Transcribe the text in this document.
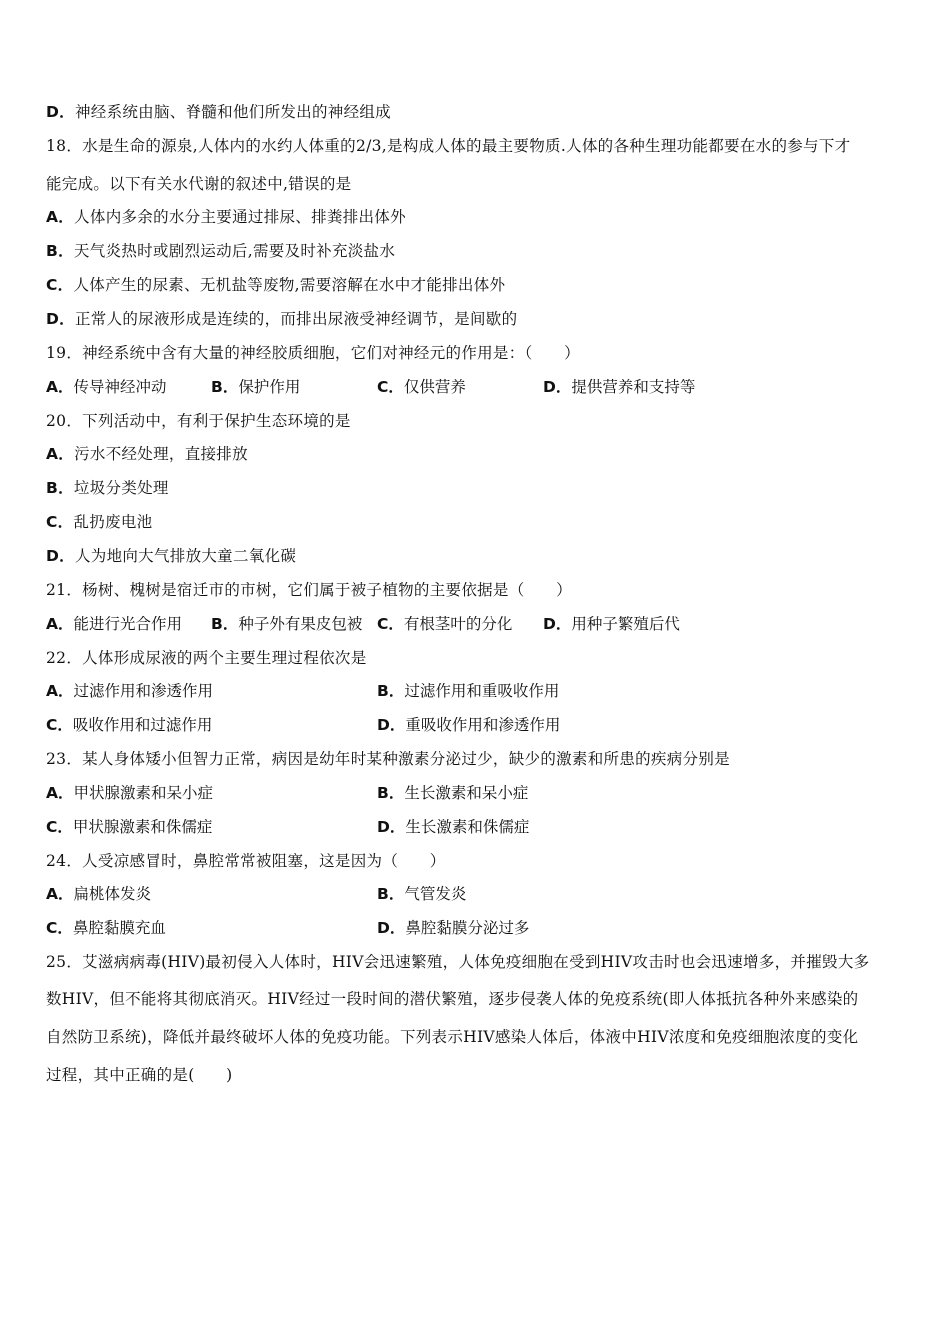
D．神经系统由脑、脊髓和他们所发出的神经组成
18．水是生命的源泉,人体内的水约人体重的2/3,是构成人体的最主要物质.人体的各种生理功能都要在水的参与下才
能完成。以下有关水代谢的叙述中,错误的是
A．人体内多余的水分主要通过排尿、排粪排出体外
B．天气炎热时或剧烈运动后,需要及时补充淡盐水
C．人体产生的尿素、无机盐等废物,需要溶解在水中才能排出体外
D．正常人的尿液形成是连续的，而排出尿液受神经调节，是间歇的
19．神经系统中含有大量的神经胶质细胞，它们对神经元的作用是：（　　）
A．传导神经冲动	B．保护作用	C．仅供营养	D．提供营养和支持等
20．下列活动中，有利于保护生态环境的是
A．污水不经处理，直接排放
B．垃圾分类处理
C．乱扔废电池
D．人为地向大气排放大童二氧化碳
21．杨树、槐树是宿迁市的市树，它们属于被子植物的主要依据是（　　）
A．能进行光合作用 B．种子外有果皮包被 C．有根茎叶的分化 D．用种子繁殖后代
22．人体形成尿液的两个主要生理过程依次是
A．过滤作用和渗透作用	B．过滤作用和重吸收作用
C．吸收作用和过滤作用	D．重吸收作用和渗透作用
23．某人身体矮小但智力正常，病因是幼年时某种激素分泌过少，缺少的激素和所患的疾病分别是
A．甲状腺激素和呆小症	B．生长激素和呆小症
C．甲状腺激素和侏儒症	D．生长激素和侏儒症
24．人受凉感冒时，鼻腔常常被阻塞，这是因为（　　）
A．扁桃体发炎	B．气管发炎
C．鼻腔黏膜充血	D．鼻腔黏膜分泌过多
25．艾滋病病毒(HIV)最初侵入人体时，HIV会迅速繁殖，人体免疫细胞在受到HIV攻击时也会迅速增多，并摧毁大多
数HIV，但不能将其彻底消灭。HIV经过一段时间的潜伏繁殖，逐步侵袭人体的免疫系统(即人体抵抗各种外来感染的
自然防卫系统)，降低并最终破坏人体的免疫功能。下列表示HIV感染人体后，体液中HIV浓度和免疫细胞浓度的变化
过程，其中正确的是(　　)
